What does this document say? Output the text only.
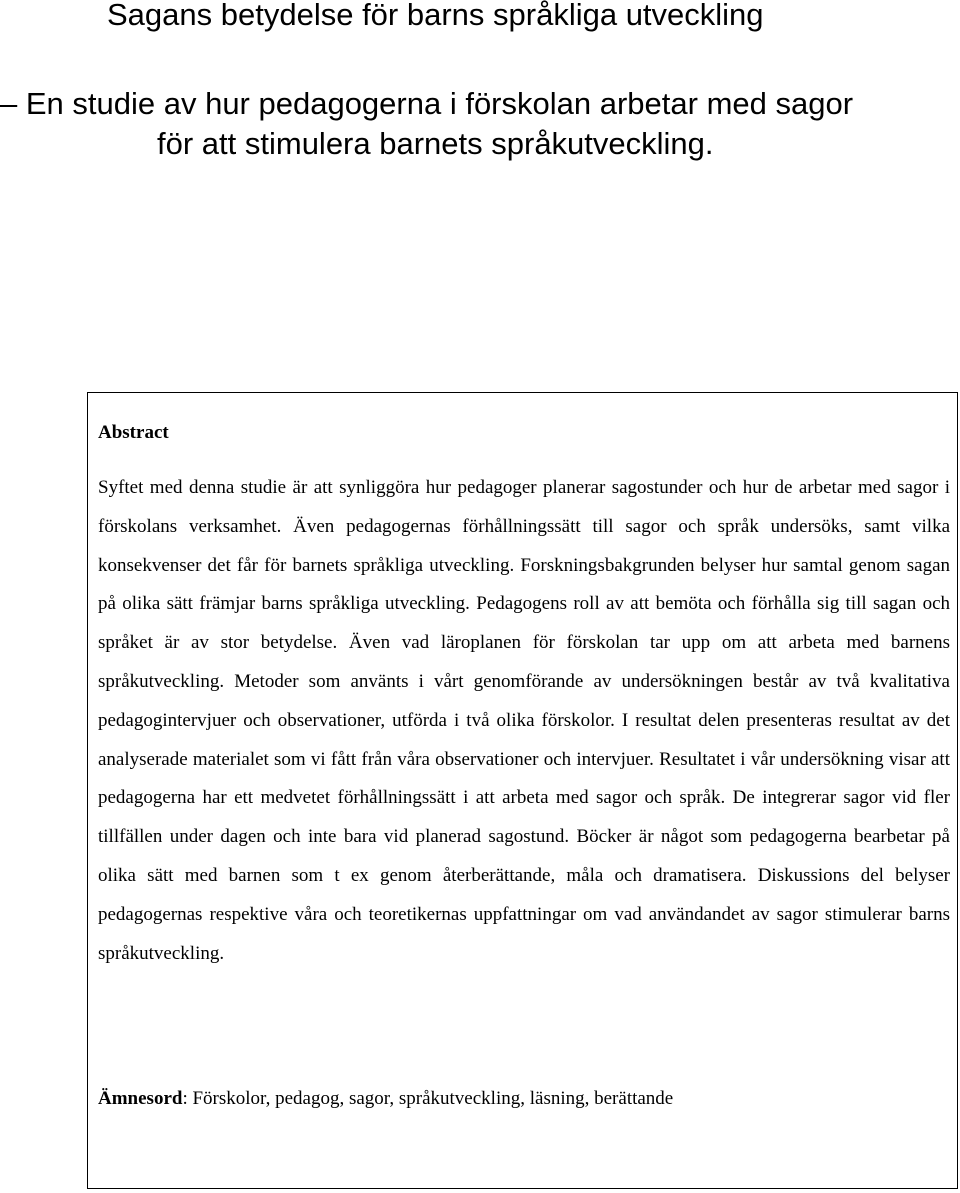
Sagans betydelse för barns språkliga utveckling
– En studie av hur pedagogerna i förskolan arbetar med sagor
för att stimulera barnets språkutveckling.
Abstract

Syftet med denna studie är att synliggöra hur pedagoger planerar sagostunder och hur de arbetar med sagor i förskolans verksamhet. Även pedagogernas förhållningssätt till sagor och språk undersöks, samt vilka konsekvenser det får för barnets språkliga utveckling. Forskningsbakgrunden belyser hur samtal genom sagan på olika sätt främjar barns språkliga utveckling. Pedagogens roll av att bemöta och förhålla sig till sagan och språket är av stor betydelse. Även vad läroplanen för förskolan tar upp om att arbeta med barnens språkutveckling. Metoder som använts i vårt genomförande av undersökningen består av två kvalitativa pedagogintervjuer och observationer, utförda i två olika förskolor. I resultat delen presenteras resultat av det analyserade materialet som vi fått från våra observationer och intervjuer. Resultatet i vår undersökning visar att pedagogerna har ett medvetet förhållningssätt i att arbeta med sagor och språk. De integrerar sagor vid fler tillfällen under dagen och inte bara vid planerad sagostund. Böcker är något som pedagogerna bearbetar på olika sätt med barnen som t ex genom återberättande, måla och dramatisera. Diskussions del belyser pedagogernas respektive våra och teoretikernas uppfattningar om vad användandet av sagor stimulerar barns språkutveckling.

Ämnesord: Förskolor, pedagog, sagor, språkutveckling, läsning, berättande
